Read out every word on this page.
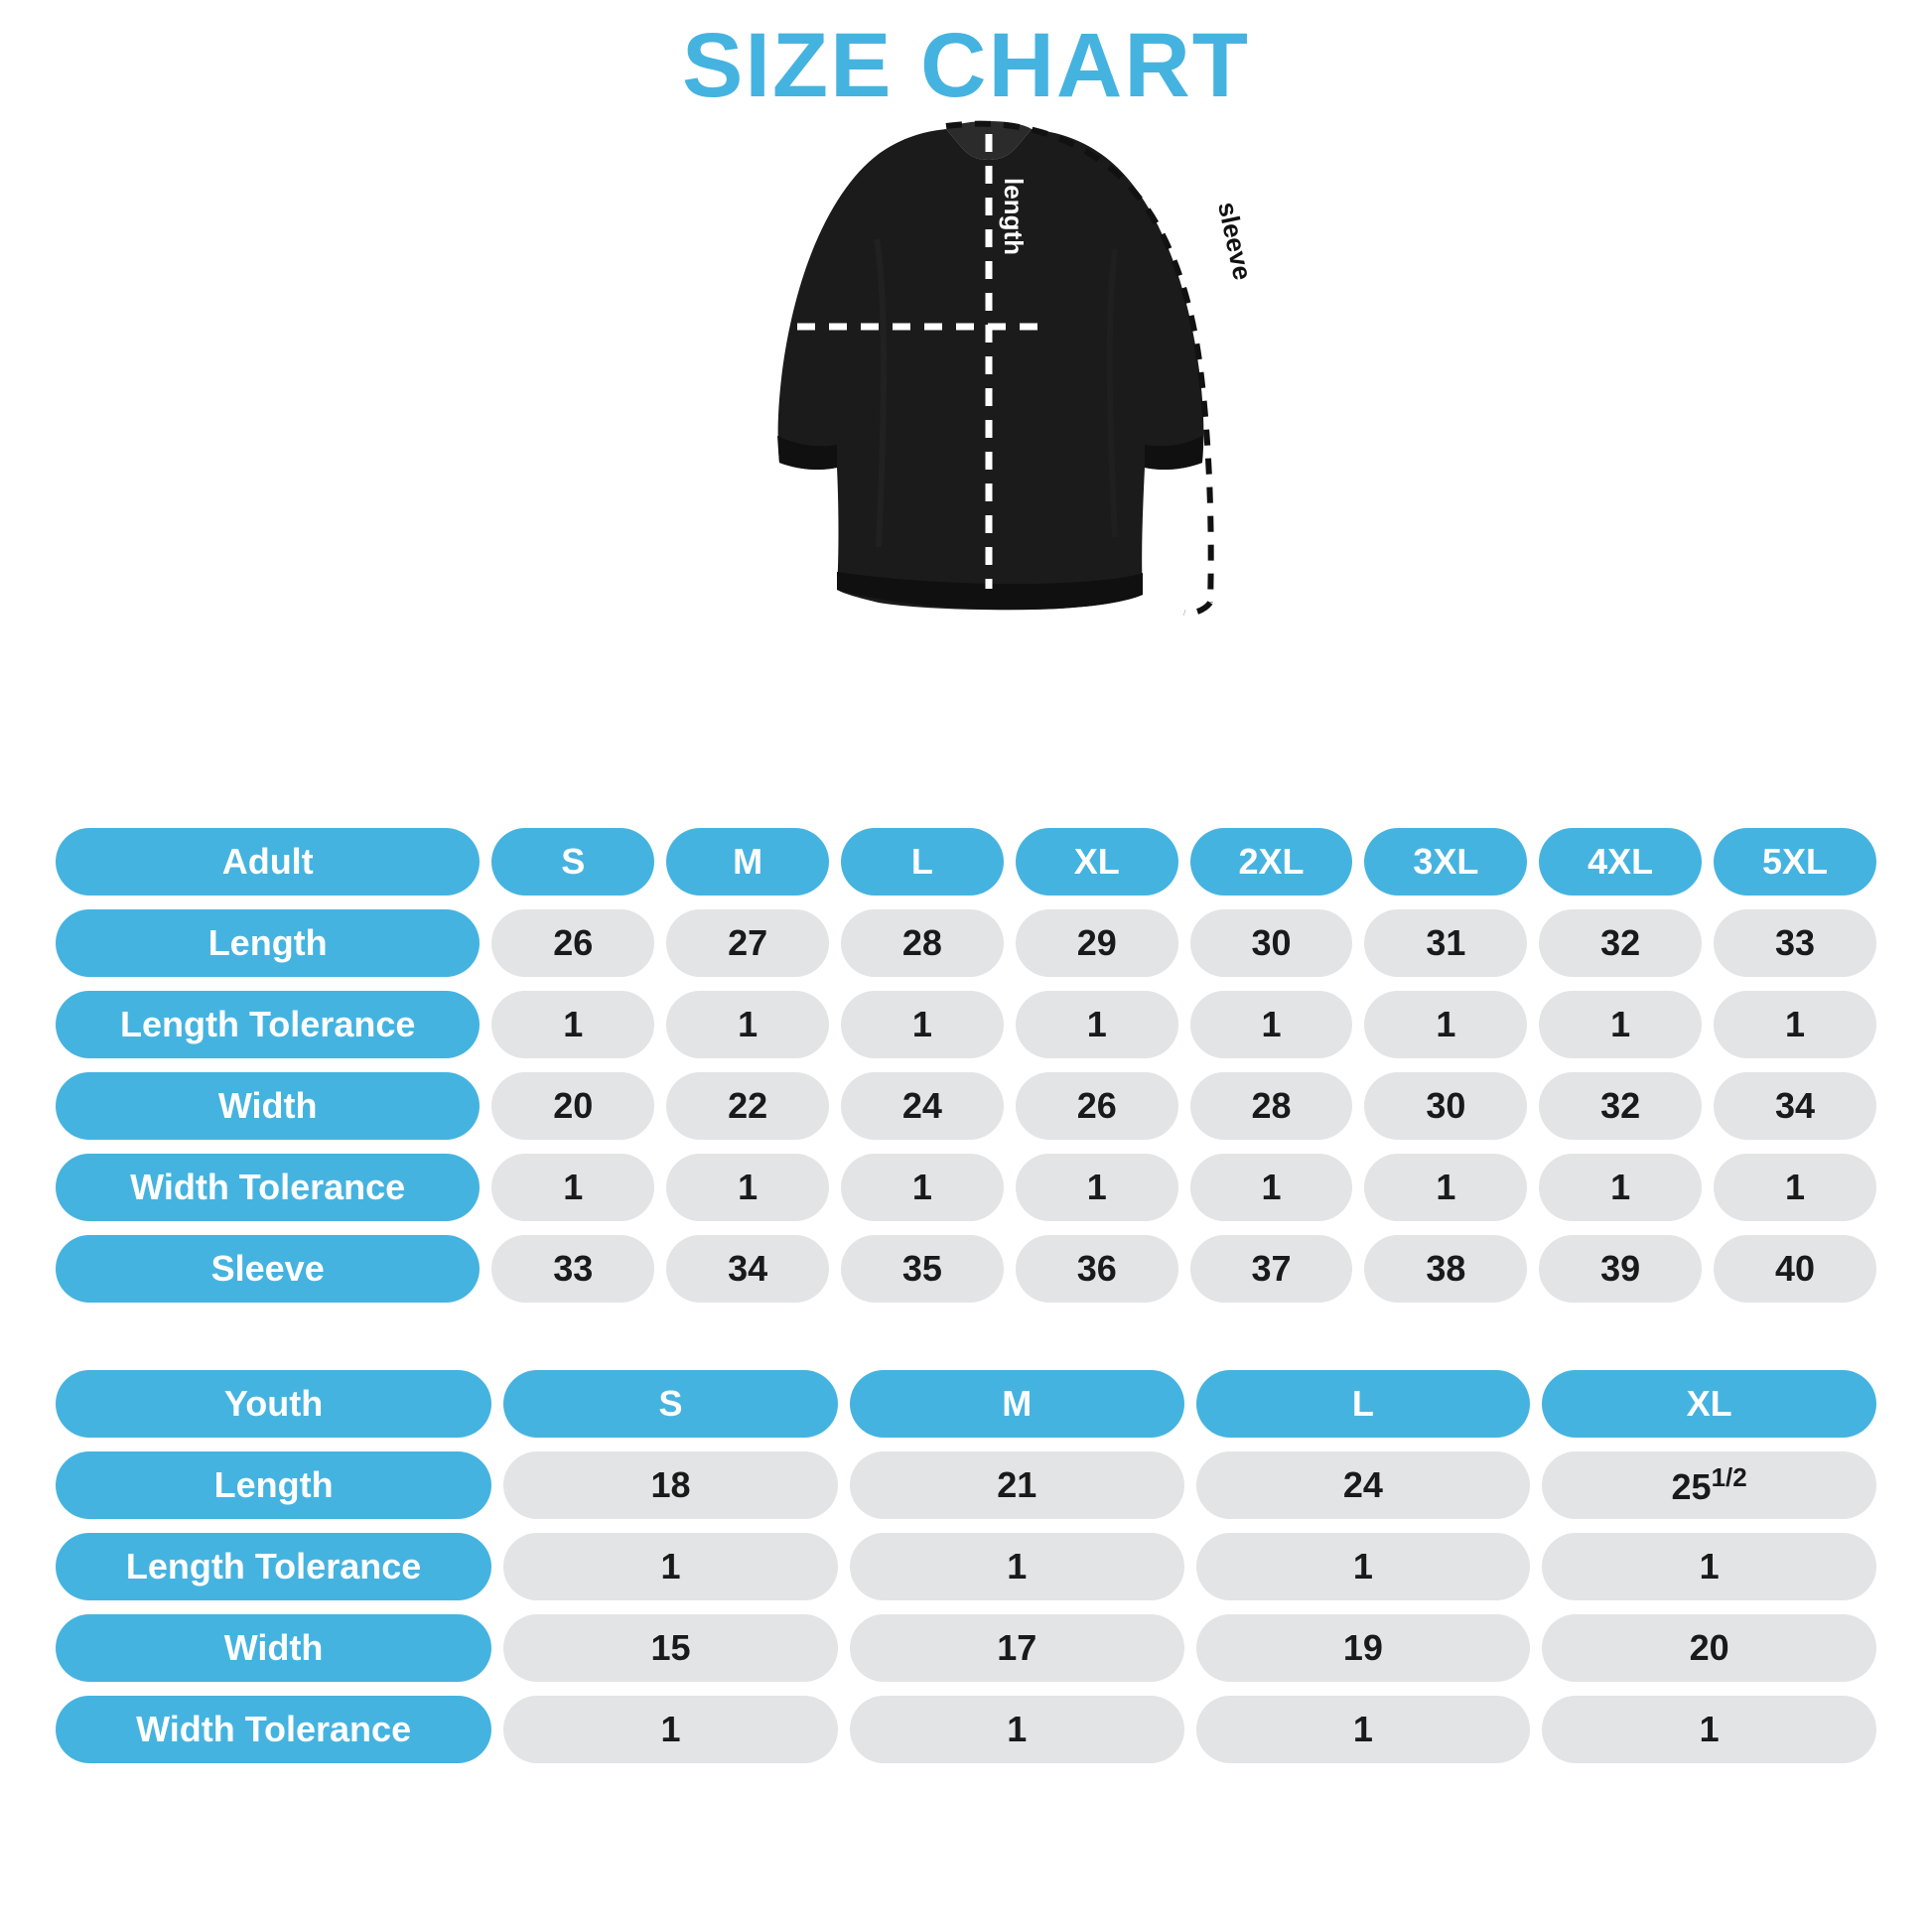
SIZE CHART
width
length	sleeve
Adult	S	M	L	XL	2XL	3XL	4XL	5XL
Length	26	27	28	29	30	31	32	33
Length Tolerance	1	1	1	1	1	1	1	1
Width	20	22	24	26	28	30	32	34
Width Tolerance	1	1	1	1	1	1	1	1
Sleeve	33	34	35	36	37	38	39	40
Youth	S	M	L	XL
Length	18	21	24	$25^{1/2}$
Length Tolerance	1	1	1	1
Width	15	17	19	20
Width Tolerance	1	1	1	1
